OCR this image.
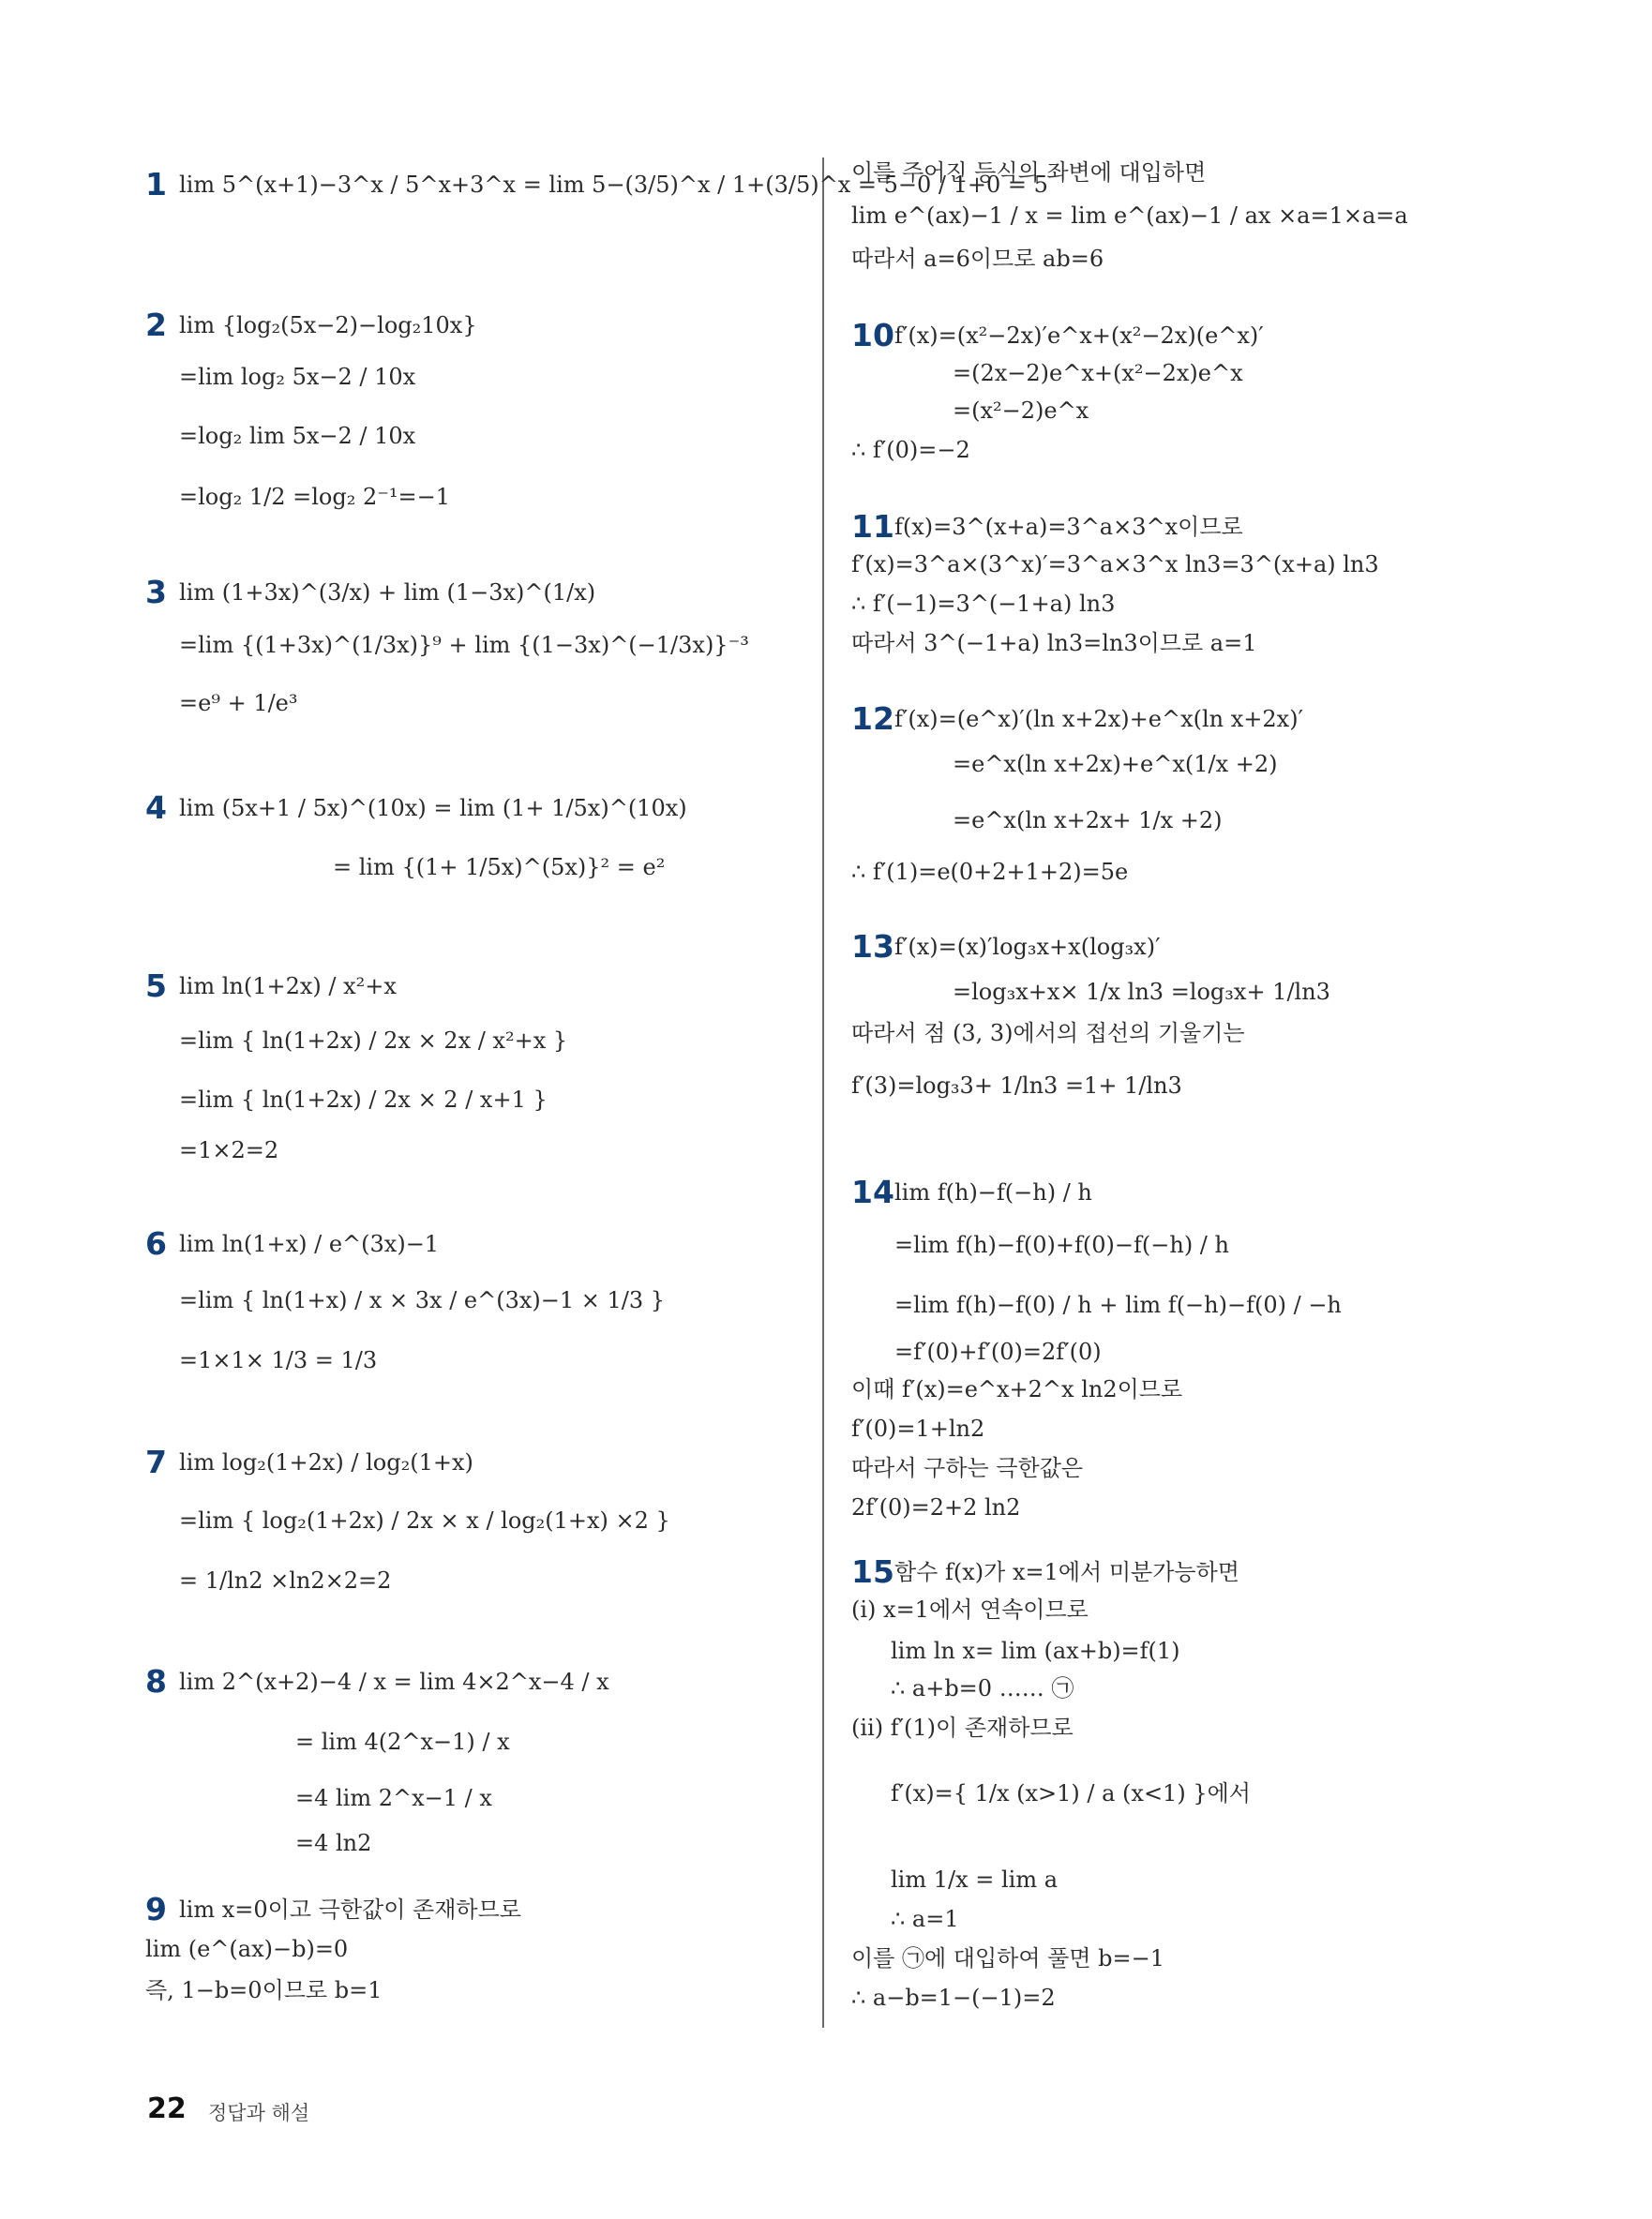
1 lim 5^(x+1)−3^x / 5^x+3^x = lim 5−(3/5)^x / 1+(3/5)^x = 5−0 / 1+0 = 5
2 lim {log₂(5x−2)−log₂10x}
=lim log₂ 5x−2 / 10x
=log₂ lim 5x−2 / 10x
=log₂ 1/2 =log₂ 2⁻¹=−1
3 lim (1+3x)^(3/x) + lim (1−3x)^(1/x)
=lim {(1+3x)^(1/3x)}⁹ + lim {(1−3x)^(−1/3x)}⁻³
=e⁹ + 1/e³
4 lim (5x+1 / 5x)^(10x) = lim (1+ 1/5x)^(10x)
= lim {(1+ 1/5x)^(5x)}² = e²
5 lim ln(1+2x) / x²+x
=lim { ln(1+2x) / 2x × 2x / x²+x }
=lim { ln(1+2x) / 2x × 2 / x+1 }
=1×2=2
6 lim ln(1+x) / e^(3x)−1
=lim { ln(1+x) / x × 3x / e^(3x)−1 × 1/3 }
=1×1× 1/3 = 1/3
7 lim log₂(1+2x) / log₂(1+x)
=lim { log₂(1+2x) / 2x × x / log₂(1+x) ×2 }
= 1/ln2 ×ln2×2=2
8 lim 2^(x+2)−4 / x = lim 4×2^x−4 / x
= lim 4(2^x−1) / x
=4 lim 2^x−1 / x
=4 ln2
9 lim x=0이고 극한값이 존재하므로
lim (e^(ax)−b)=0
즉, 1−b=0이므로 b=1
이를 주어진 등식의 좌변에 대입하면
lim e^(ax)−1 / x = lim e^(ax)−1 / ax ×a=1×a=a
따라서 a=6이므로 ab=6
10 f′(x)=(x²−2x)′e^x+(x²−2x)(e^x)′
=(2x−2)e^x+(x²−2x)e^x
=(x²−2)e^x
∴ f′(0)=−2
11 f(x)=3^(x+a)=3^a×3^x이므로
f′(x)=3^a×(3^x)′=3^a×3^x ln3=3^(x+a) ln3
∴ f′(−1)=3^(−1+a) ln3
따라서 3^(−1+a) ln3=ln3이므로 a=1
12 f′(x)=(e^x)′(ln x+2x)+e^x(ln x+2x)′
=e^x(ln x+2x)+e^x(1/x +2)
=e^x(ln x+2x+ 1/x +2)
∴ f′(1)=e(0+2+1+2)=5e
13 f′(x)=(x)′log₃x+x(log₃x)′
=log₃x+x× 1/x ln3 =log₃x+ 1/ln3
따라서 점 (3, 3)에서의 접선의 기울기는
f′(3)=log₃3+ 1/ln3 =1+ 1/ln3
14 lim f(h)−f(−h) / h
=lim f(h)−f(0)+f(0)−f(−h) / h
=lim f(h)−f(0) / h + lim f(−h)−f(0) / −h
=f′(0)+f′(0)=2f′(0)
이때 f′(x)=e^x+2^x ln2이므로
f′(0)=1+ln2
따라서 구하는 극한값은
2f′(0)=2+2 ln2
15 함수 f(x)가 x=1에서 미분가능하면
(ⅰ) x=1에서 연속이므로
lim ln x= lim (ax+b)=f(1)
∴ a+b=0 …… ㉠
(ⅱ) f′(1)이 존재하므로
f′(x)={ 1/x (x>1) / a (x<1) }에서
lim 1/x = lim a
∴ a=1
이를 ㉠에 대입하여 풀면 b=−1
∴ a−b=1−(−1)=2
22 정답과 해설
